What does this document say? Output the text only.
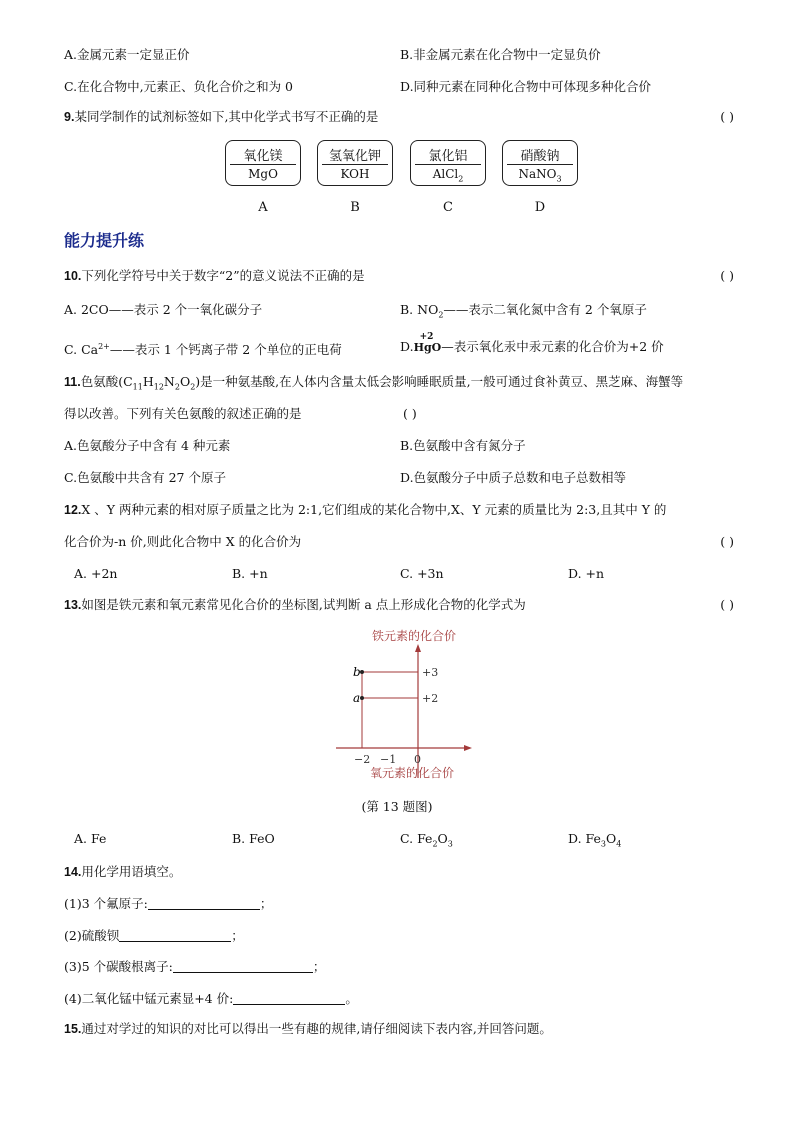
A.金属元素一定显正价	B.非金属元素在化合物中一定显负价
C.在化合物中,元素正、负化合价之和为 0	D.同种元素在同种化合物中可体现多种化合价
9.某同学制作的试剂标签如下,其中化学式书写不正确的是	( )
氧化镁
MgO
A
氢氧化钾
KOH
B
氯化铝
AlCl$_2$
C
硝酸钠
NaNO$_3$
D
能力提升练
10.下列化学符号中关于数字“2”的意义说法不正确的是	( )
A. 2CO——表示 2 个一氧化碳分子	B. $NO_2——$表示二氧化氮中含有 2 个氧原子
C. $Ca^{2+}——$表示 1 个钙离子带 2 个单位的正电荷	D.
+2
HgO—表示氧化汞中汞元素的化合价为+2 价
11.色氨酸$(C_{11}H_{12}N_2O_2)$是一种氨基酸,在人体内含量太低会影响睡眠质量,一般可通过食补黄豆、黑芝麻、海蟹等
得以改善。下列有关色氨酸的叙述正确的是	( )
A.色氨酸分子中含有 4 种元素	B.色氨酸中含有氮分子
C.色氨酸中共含有 27 个原子	D.色氨酸分子中质子总数和电子总数相等
12.X 、Y 两种元素的相对原子质量之比为 2:1,它们组成的某化合物中,X、Y 元素的质量比为 2:3,且其中 Y 的
化合价为-n 价,则此化合物中 X 的化合价为	( )
A. +2n	B. +n	C. +3n	D. +n
13.如图是铁元素和氧元素常见化合价的坐标图,试判断 a 点上形成化合物的化学式为	( )
b
a
+3
+2
−2 −1 0
铁元素的化合价
氧元素的化合价
(第 13 题图)
A. Fe	B. FeO	C. $Fe_2O_3$	D. $Fe_3O_4$
14.用化学用语填空。
(1)3 个氟原子:	；
(2)硫酸钡	；
(3)5 个碳酸根离子:	；
(4)二氧化锰中锰元素显+4 价:	。
15.通过对学过的知识的对比可以得出一些有趣的规律,请仔细阅读下表内容,并回答问题。
